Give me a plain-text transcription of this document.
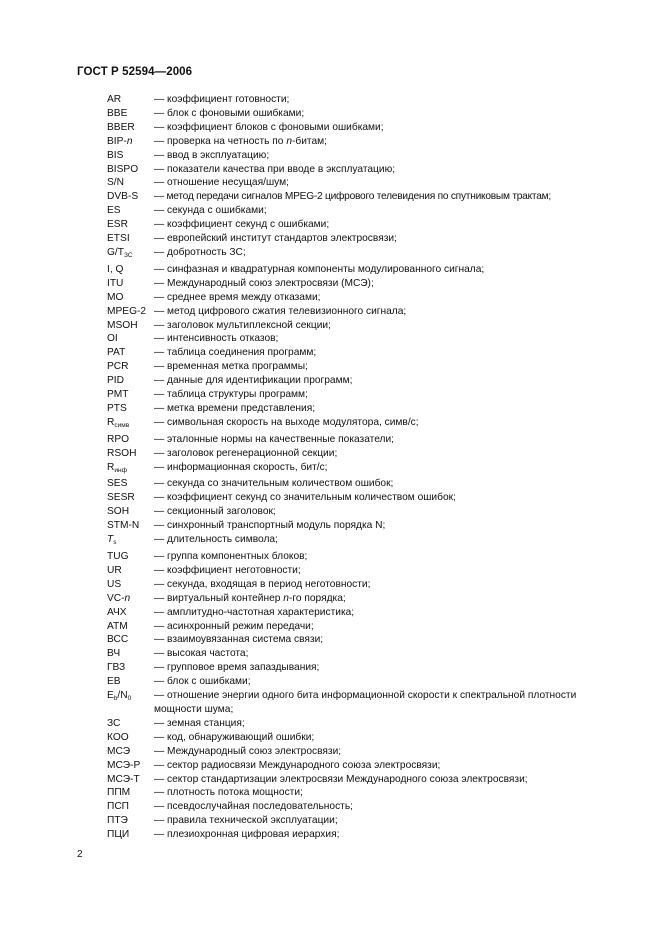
ГОСТ Р 52594—2006
AR	— коэффициент готовности;
BBE	— блок с фоновыми ошибками;
BBER	— коэффициент блоков с фоновыми ошибками;
BIP-n	— проверка на четность по n-битам;
BIS	— ввод в эксплуатацию;
BISPO	— показатели качества при вводе в эксплуатацию;
S/N	— отношение несущая/шум;
DVB-S	— метод передачи сигналов MPEG-2 цифрового телевидения по спутниковым трактам;
ES	— секунда с ошибками;
ESR	— коэффициент секунд с ошибками;
ETSI	— европейский институт стандартов электросвязи;
$G/T_{ЗС}$	— добротность ЗС;
I, Q	— синфазная и квадратурная компоненты модулированного сигнала;
ITU	— Международный союз электросвязи (МСЭ);
MO	— среднее время между отказами;
MPEG-2 — метод цифрового сжатия телевизионного сигнала;
MSOH	— заголовок мультиплексной секции;
OI	— интенсивность отказов;
PAT	— таблица соединения программ;
PCR	— временная метка программы;
PID	— данные для идентификации программ;
PMT	— таблица структуры программ;
PTS	— метка времени представления;
$R_{симв}$	— символьная скорость на выходе модулятора, симв/с;
RPO	— эталонные нормы на качественные показатели;
RSOH	— заголовок регенерационной секции;
$R_{инф}$	— информационная скорость, бит/с;
SES	— секунда со значительным количеством ошибок;
SESR	— коэффициент секунд со значительным количеством ошибок;
SOH	— секционный заголовок;
STM-N	— синхронный транспортный модуль порядка N;
$T_s$	— длительность символа;
TUG	— группа компонентных блоков;
UR	— коэффициент неготовности;
US	— секунда, входящая в период неготовности;
VC-n	— виртуальный контейнер n-го порядка;
АЧХ	— амплитудно-частотная характеристика;
АТМ	— асинхронный режим передачи;
ВСС	— взаимоувязанная система связи;
ВЧ	— высокая частота;
ГВЗ	— групповое время запаздывания;
ЕВ	— блок с ошибками;
$E_b/N_0$	— отношение энергии одного бита информационной скорости к спектральной плотности мощности шума;
ЗС	— земная станция;
КОО	— код, обнаруживающий ошибки;
МСЭ	— Международный союз электросвязи;
МСЭ-Р	— сектор радиосвязи Международного союза электросвязи;
МСЭ-Т	— сектор стандартизации электросвязи Международного союза электросвязи;
ППМ	— плотность потока мощности;
ПСП	— псевдослучайная последовательность;
ПТЭ	— правила технической эксплуатации;
ПЦИ	— плезиохронная цифровая иерархия;
2
